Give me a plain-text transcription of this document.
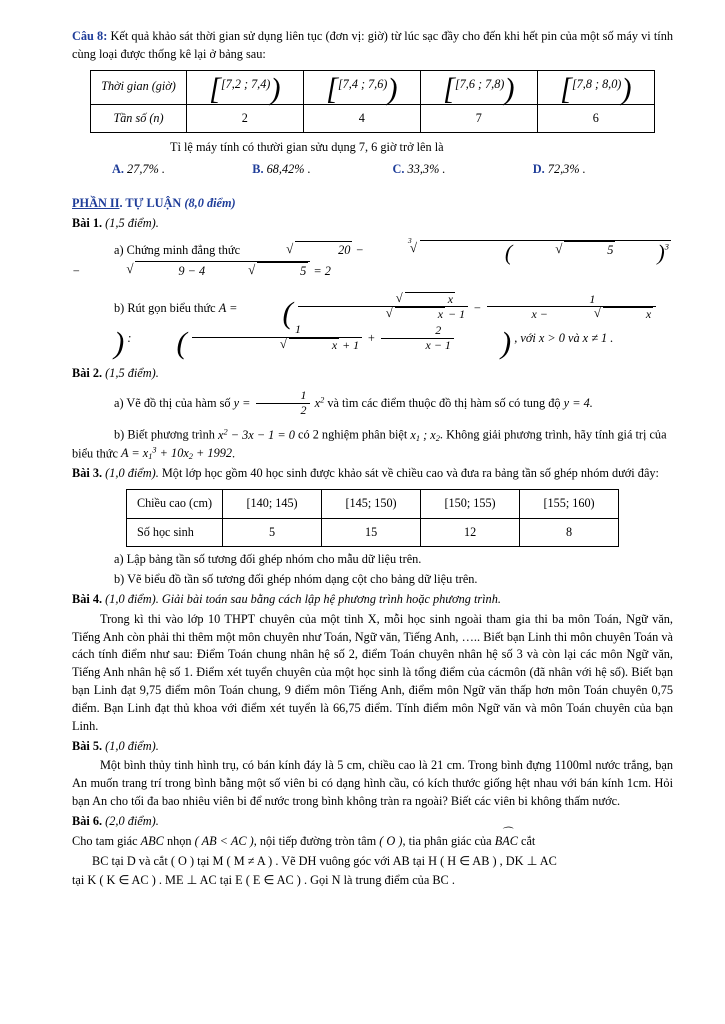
Câu 8: Kết quả khảo sát thời gian sử dụng liên tục (đơn vị: giờ) từ lúc sạc đầy cho đến khi hết pin của một số máy vi tính cùng loại được thống kê lại ở bảng sau:

Thời gian (giờ)	[[7,2 ; 7,4))	[[7,4 ; 7,6))	[[7,6 ; 7,8))	[[7,8 ; 8,0))
Tần số (n)	2	4	7	6

Tỉ lệ máy tính có thười gian sửu dụng 7, 6 giờ trở lên là

A. 27,7% .	B. 68,42% .	C. 33,3% .	D. 72,3% .

PHẦN II. TỰ LUẬN (8,0 điểm)

Bài 1. (1,5 điểm).

a) Chứng minh đẳng thức	√ 20 −
√ 3	(	√ 5 )$^3$ −	√ 9 − 4	√ 5 = 2

b) Rút gọn biểu thức A = ( √ x
√ x − 1 − 1
x −	√ x
) : ( 1
√ $x + 1 + \frac{2}{x - 1}$ ) , với x > 0 và x ≠ 1 .

Bài 2. (1,5 điểm).

a) Vẽ đồ thị của hàm số $y = \frac{1}{2} x^2$ và tìm các điểm thuộc đồ thị hàm số có tung độ y = 4.

b) Biết phương trình $x^2 - 3x - 1 = 0$ có 2 nghiệm phân biệt $x_1$ ; $x_2$. Không giải phương trình, hãy tính giá trị của biểu thức $A = x_1^3 + 10x_2 + 1992$.

Bài 3. (1,0 điểm). Một lớp học gồm 40 học sinh được khảo sát về chiều cao và đưa ra bảng tần số ghép nhóm dưới đây:

Chiều cao (cm)	[140; 145)	[145; 150)	[150; 155)	[155; 160)
Số học sinh	5	15	12	8

a) Lập bảng tần số tương đối ghép nhóm cho mẫu dữ liệu trên.

b) Vẽ biểu đồ tần số tương đối ghép nhóm dạng cột cho bảng dữ liệu trên.

Bài 4. (1,0 điểm). Giải bài toán sau bằng cách lập hệ phương trình hoặc phương trình.

Trong kì thi vào lớp 10 THPT chuyên của một tỉnh X, mỗi học sinh ngoài tham gia thi ba môn Toán, Ngữ văn, Tiếng Anh còn phải thi thêm một môn chuyên như Toán, Ngữ văn, Tiếng Anh, ….. Biết bạn Linh thi môn chuyên Toán và cách tính điểm như sau: Điểm Toán chung nhân hệ số 2, điểm Toán chuyên nhân hệ số 3 và còn lại các môn Ngữ văn, Tiếng Anh nhân hệ số 1. Điểm xét tuyển chuyên của một học sinh là tổng điểm của cácmôn (đã nhân với hệ số). Biết bạn bạn Linh đạt 9,75 điểm môn Toán chung, 9 điểm môn Tiếng Anh, điểm môn Ngữ văn thấp hơn môn Toán chuyên 0,75 điểm. Bạn Linh đạt thủ khoa với điểm xét tuyển là 66,75 điểm. Tính điểm môn Ngữ văn và môn Toán chuyên của bạn Linh.

Bài 5. (1,0 điểm).

Một bình thủy tinh hình trụ, có bán kính đáy là 5 cm, chiều cao là 21 cm. Trong bình đựng 1100ml nước trắng, bạn An muốn trang trí trong bình bằng một số viên bi có dạng hình cầu, có kích thước giống hệt nhau với bán kính 1cm. Hỏi bạn An cho tối đa bao nhiêu viên bi để nước trong bình không tràn ra ngoài? Biết các viên bi không thấm nước.

Bài 6. (2,0 điểm).

Cho tam giác ABC nhọn ( AB < AC ), nội tiếp đường tròn tâm ( O ), tia phân giác của BAC ⌒ cắt

BC tại D và cắt ( O ) tại M ( M ≠ A ) . Vẽ DH vuông góc với AB tại H ( H ∈ AB ) , DK ⊥ AC

tại K ( K ∈ AC ) . ME ⊥ AC tại E ( E ∈ AC ) . Gọi N là trung điểm của BC .
